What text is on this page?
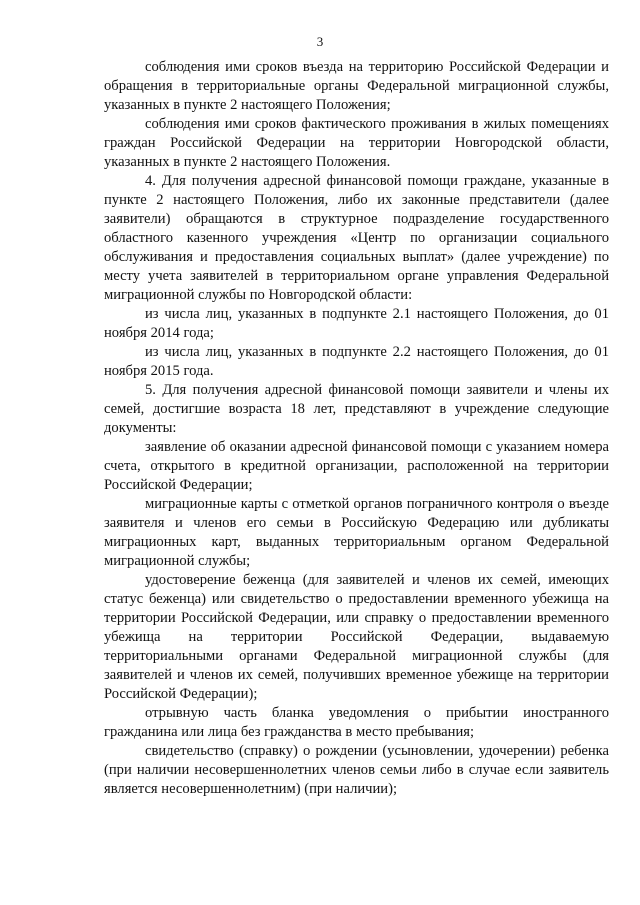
3

соблюдения ими сроков въезда на территорию Российской Федерации и обращения в территориальные органы Федеральной миграционной службы, указанных в пункте 2 настоящего Положения;

соблюдения ими сроков фактического проживания в жилых помещениях граждан Российской Федерации на территории Новгородской области, указанных в пункте 2 настоящего Положения.

4. Для получения адресной финансовой помощи граждане, указанные в пункте 2 настоящего Положения, либо их законные представители (далее заявители) обращаются в структурное подразделение государственного областного казенного учреждения «Центр по организации социального обслуживания и предоставления социальных выплат» (далее учреждение) по месту учета заявителей в территориальном органе управления Федеральной миграционной службы по Новгородской области:

из числа лиц, указанных в подпункте 2.1 настоящего Положения, до 01 ноября 2014 года;

из числа лиц, указанных в подпункте 2.2 настоящего Положения, до 01 ноября 2015 года.

5. Для получения адресной финансовой помощи заявители и члены их семей, достигшие возраста 18 лет, представляют в учреждение следующие документы:

заявление об оказании адресной финансовой помощи с указанием номера счета, открытого в кредитной организации, расположенной на территории Российской Федерации;

миграционные карты с отметкой органов пограничного контроля о въезде заявителя и членов его семьи в Российскую Федерацию или дубликаты миграционных карт, выданных территориальным органом Федеральной миграционной службы;

удостоверение беженца (для заявителей и членов их семей, имеющих статус беженца) или свидетельство о предоставлении временного убежища на территории Российской Федерации, или справку о предоставлении временного убежища на территории Российской Федерации, выдаваемую территориальными органами Федеральной миграционной службы (для заявителей и членов их семей, получивших временное убежище на территории Российской Федерации);

отрывную часть бланка уведомления о прибытии иностранного гражданина или лица без гражданства в место пребывания;

свидетельство (справку) о рождении (усыновлении, удочерении) ребенка (при наличии несовершеннолетних членов семьи либо в случае если заявитель является несовершеннолетним) (при наличии);
